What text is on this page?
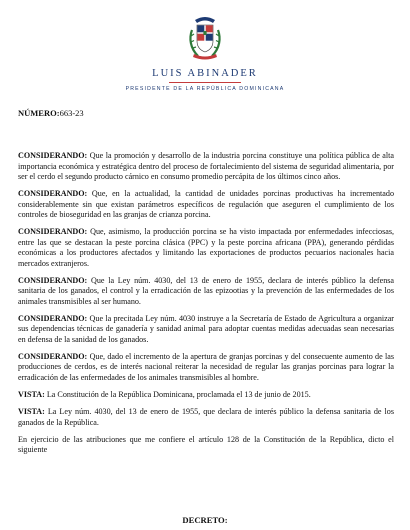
LUIS ABINADER
PRESIDENTE DE LA REPÚBLICA DOMINICANA
NÚMERO:663-23

CONSIDERANDO: Que la promoción y desarrollo de la industria porcina constituye una política pública de alta importancia económica y estratégica dentro del proceso de fortalecimiento del sistema de seguridad alimentaria, por ser el cerdo el segundo producto cárnico en consumo promedio percápita de los últimos cinco años.

CONSIDERANDO: Que, en la actualidad, la cantidad de unidades porcinas productivas ha incrementado considerablemente sin que existan parámetros específicos de regulación que aseguren el cumplimiento de los controles de bioseguridad en las granjas de crianza porcina.

CONSIDERANDO: Que, asimismo, la producción porcina se ha visto impactada por enfermedades infecciosas, entre las que se destacan la peste porcina clásica (PPC) y la peste porcina africana (PPA), generando pérdidas económicas a los productores afectados y limitando las exportaciones de productos pecuarios nacionales hacia mercados extranjeros.

CONSIDERANDO: Que la Ley núm. 4030, del 13 de enero de 1955, declara de interés público la defensa sanitaria de los ganados, el control y la erradicación de las epizootias y la prevención de las enfermedades de los animales transmisibles al ser humano.

CONSIDERANDO: Que la precitada Ley núm. 4030 instruye a la Secretaría de Estado de Agricultura a organizar sus dependencias técnicas de ganadería y sanidad animal para adoptar cuentas medidas adecuadas sean necesarias en defensa de la sanidad de los ganados.

CONSIDERANDO: Que, dado el incremento de la apertura de granjas porcinas y del consecuente aumento de las producciones de cerdos, es de interés nacional reiterar la necesidad de regular las granjas porcinas para lograr la erradicación de las enfermedades de los animales transmisibles al hombre.

VISTA: La Constitución de la República Dominicana, proclamada el 13 de junio de 2015.

VISTA: La Ley núm. 4030, del 13 de enero de 1955, que declara de interés público la defensa sanitaria de los ganados de la República.

En ejercicio de las atribuciones que me confiere el artículo 128 de la Constitución de la República, dicto el siguiente

DECRETO:
